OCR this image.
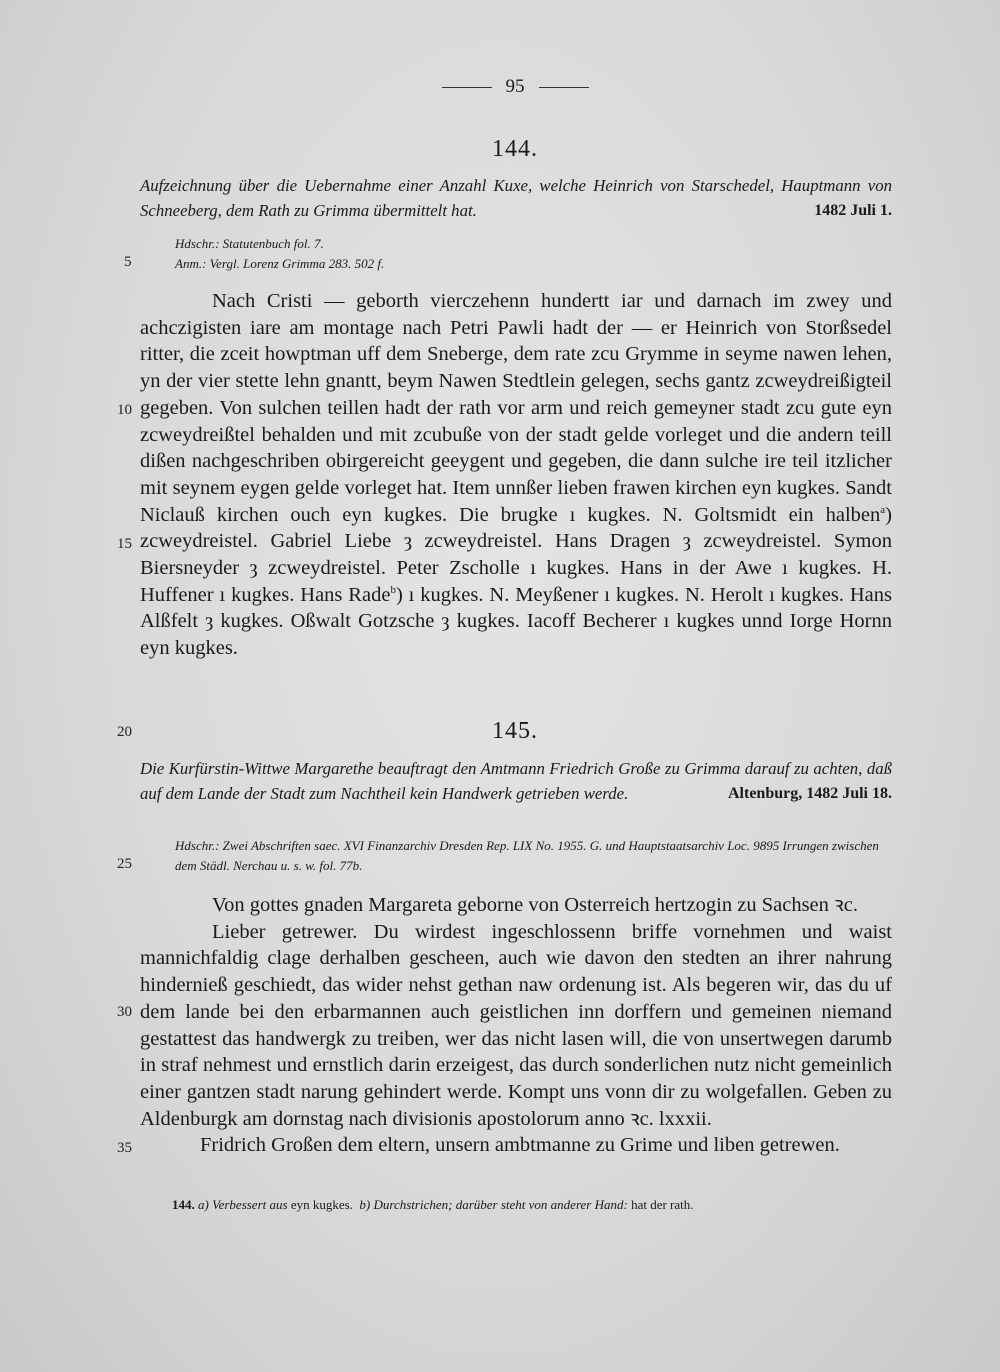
95
144.
Aufzeichnung über die Uebernahme einer Anzahl Kuxe, welche Heinrich von Starschedel, Hauptmann von Schneeberg, dem Rath zu Grimma übermittelt hat.	1482 Juli 1.
Hdschr.: Statutenbuch fol. 7.
Anm.: Vergl. Lorenz Grimma 283. 502 f.

Nach Cristi — geborth vierczehenn hundertt iar und darnach im zwey und achczigisten iare am montage nach Petri Pawli hadt der — er Heinrich von Storßsedel ritter, die zceit howptman uff dem Sneberge, dem rate zcu Grymme in seyme nawen lehen, yn der vier stette lehn gnantt, beym Nawen Stedtlein gelegen, sechs gantz zcweydreißigteil gegeben. Von sulchen teillen hadt der rath vor arm und reich gemeyner stadt zcu gute eyn zcweydreißtel behalden und mit zcubuße von der stadt gelde vorleget und die andern teill dißen nachgeschriben obirgereicht geeygent und gegeben, die dann sulche ire teil itzlicher mit seynem eygen gelde vorleget hat. Item unnßer lieben frawen kirchen eyn kugkes. Sandt Niclauß kirchen ouch eyn kugkes. Die brugke ı kugkes. N. Goltsmidt ein halben$^a$) zcweydreistel. Gabriel Liebe ȝ zcweydreistel. Hans Dragen ȝ zcweydreistel. Symon Biersneyder ȝ zcweydreistel. Peter Zscholle ı kugkes. Hans in der Awe ı kugkes. H. Huffener ı kugkes. Hans Rade$^b$) ı kugkes. N. Meyßener ı kugkes. N. Herolt ı kugkes. Hans Alßfelt ȝ kugkes. Oßwalt Gotzsche ȝ kugkes. Iacoff Becherer ı kugkes unnd Iorge Hornn eyn kugkes.

145.
Die Kurfürstin-Wittwe Margarethe beauftragt den Amtmann Friedrich Große zu Grimma darauf zu achten, daß auf dem Lande der Stadt zum Nachtheil kein Handwerk getrieben werde.	Altenburg, 1482 Juli 18.
Hdschr.: Zwei Abschriften saec. XVI Finanzarchiv Dresden Rep. LIX No. 1955. G. und Hauptstaatsarchiv Loc. 9895 Irrungen zwischen dem Städl. Nerchau u. s. w. fol. 77b.

Von gottes gnaden Margareta geborne von Osterreich hertzogin zu Sachsen ꝛc.

Lieber getrewer. Du wirdest ingeschlossenn briffe vornehmen und waist mannichfaldig clage derhalben gescheen, auch wie davon den stedten an ihrer nahrung hindernieß geschiedt, das wider nehst gethan naw ordenung ist. Als begeren wir, das du uf dem lande bei den erbarmannen auch geistlichen inn dorffern und gemeinen niemand gestattest das handwergk zu treiben, wer das nicht lasen will, die von unsertwegen darumb in straf nehmest und ernstlich darin erzeigest, das durch sonderlichen nutz nicht gemeinlich einer gantzen stadt narung gehindert werde. Kompt uns vonn dir zu wolgefallen. Geben zu Aldenburgk am dornstag nach divisionis apostolorum anno ꝛc. lxxxii.

Fridrich Großen dem eltern, unsern ambtmanne zu Grime und liben getrewen.

5
10
15
20
25
30
35
144. a) Verbessert aus eyn kugkes. b) Durchstrichen; darüber steht von anderer Hand: hat der rath.
